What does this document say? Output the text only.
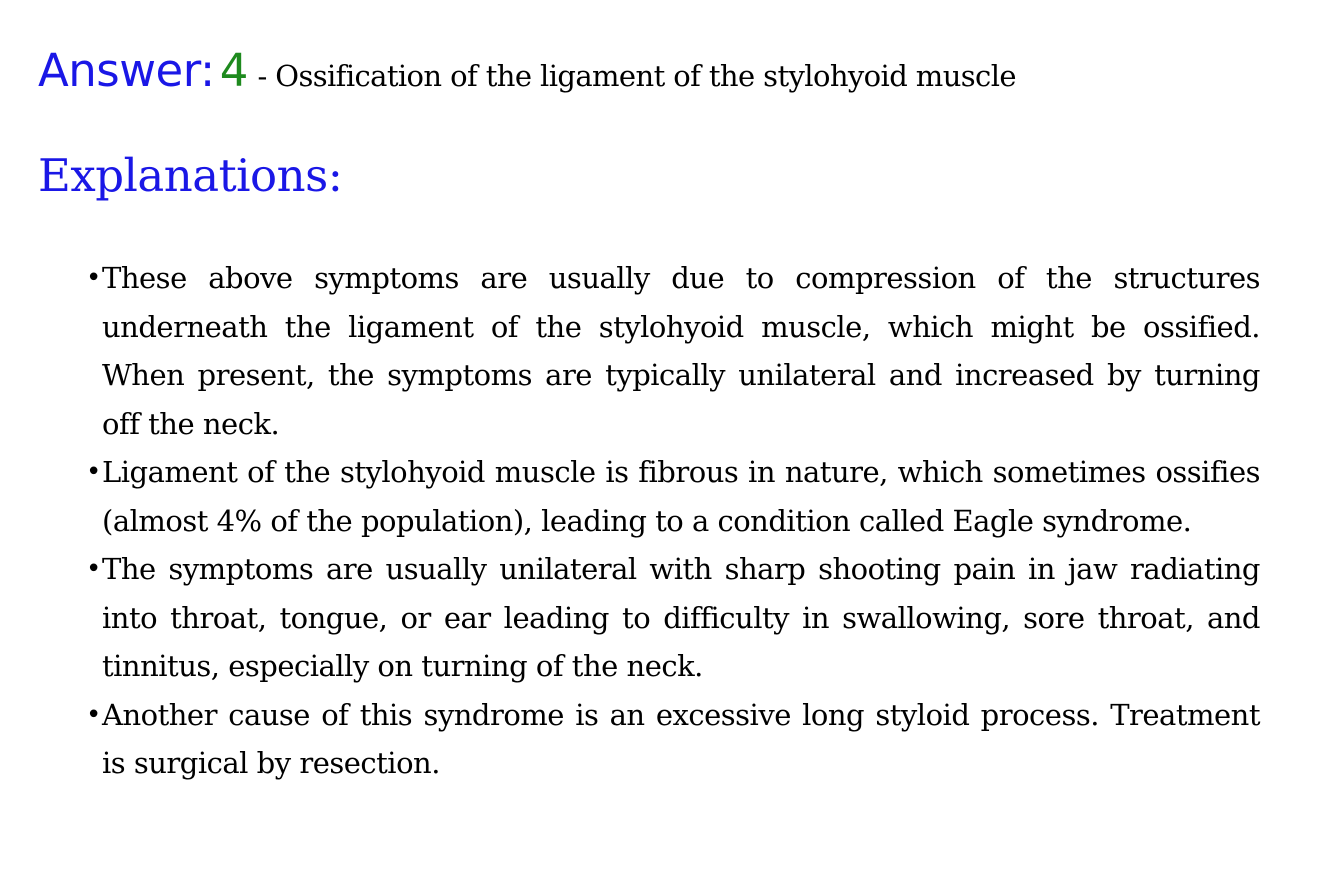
Answer: 4 - Ossification of the ligament of the stylohyoid muscle
Explanations:
• These above symptoms are usually due to compression of the structures underneath the ligament of the stylohyoid muscle, which might be ossified. When present, the symptoms are typically unilateral and increased by turning off the neck.
• Ligament of the stylohyoid muscle is fibrous in nature, which sometimes ossifies (almost 4% of the population), leading to a condition called Eagle syndrome.
• The symptoms are usually unilateral with sharp shooting pain in jaw radiating into throat, tongue, or ear leading to difficulty in swallowing, sore throat, and tinnitus, especially on turning of the neck.
• Another cause of this syndrome is an excessive long styloid process. Treatment is surgical by resection.
